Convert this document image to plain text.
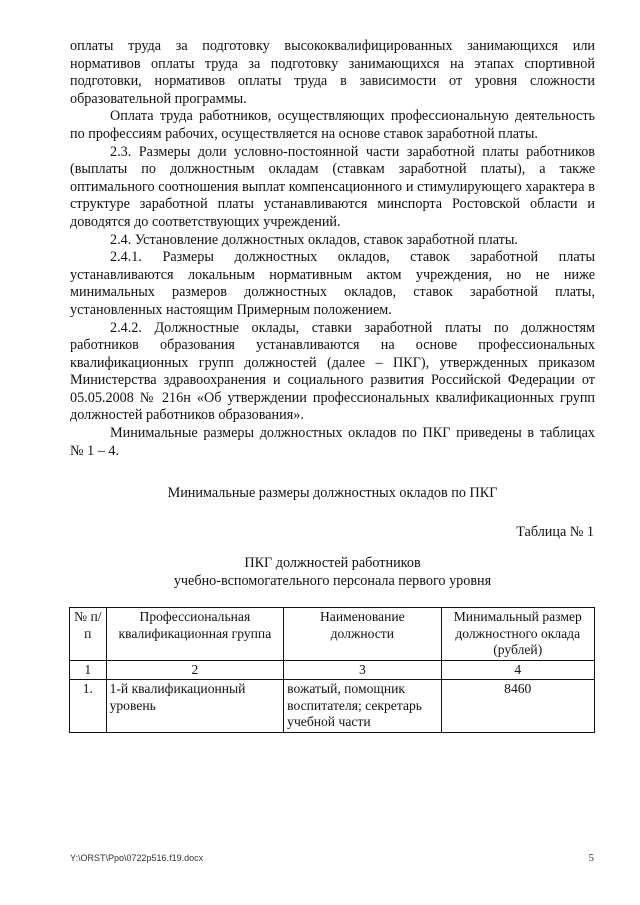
оплаты труда за подготовку высококвалифицированных занимающихся или нормативов оплаты труда за подготовку занимающихся на этапах спортивной подготовки, нормативов оплаты труда в зависимости от уровня сложности образовательной программы.

Оплата труда работников, осуществляющих профессиональную деятельность по профессиям рабочих, осуществляется на основе ставок заработной платы.

2.3. Размеры доли условно-постоянной части заработной платы работников (выплаты по должностным окладам (ставкам заработной платы), а также оптимального соотношения выплат компенсационного и стимулирующего характера в структуре заработной платы устанавливаются минспорта Ростовской области и доводятся до соответствующих учреждений.

2.4. Установление должностных окладов, ставок заработной платы.

2.4.1. Размеры должностных окладов, ставок заработной платы устанавливаются локальным нормативным актом учреждения, но не ниже минимальных размеров должностных окладов, ставок заработной платы, установленных настоящим Примерным положением.

2.4.2. Должностные оклады, ставки заработной платы по должностям работников образования устанавливаются на основе профессиональных квалификационных групп должностей (далее – ПКГ), утвержденных приказом Министерства здравоохранения и социального развития Российской Федерации от 05.05.2008 № 216н «Об утверждении профессиональных квалификационных групп должностей работников образования».

Минимальные размеры должностных окладов по ПКГ приведены в таблицах № 1 – 4.

Минимальные размеры должностных окладов по ПКГ
Таблица № 1
ПКГ должностей работников
учебно-вспомогательного персонала первого уровня
№ п/п	Профессиональная квалификационная группа	Наименование должности	Минимальный размер должностного оклада (рублей)
1	2	3	4
1.	1-й квалификационный уровень	вожатый, помощник воспитателя; секретарь учебной части	8460
Y:\ORST\Ppo\0722p516.f19.docx	5
